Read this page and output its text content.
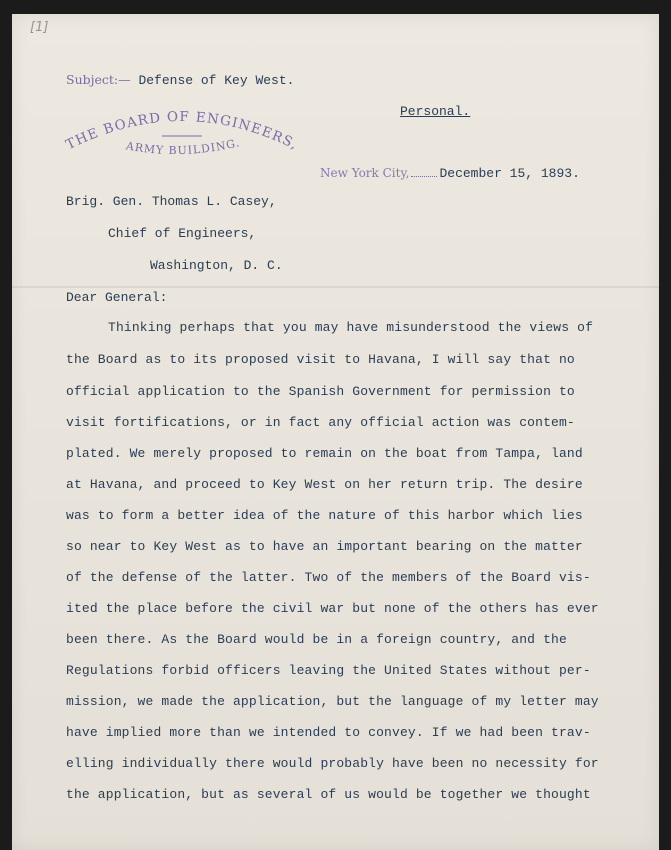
[1]
Subject:— Defense of Key West.
THE BOARD OF ENGINEERS,
ARMY BUILDING.
Personal.
New York City, December 15, 1893.
Brig. Gen. Thomas L. Casey,
Chief of Engineers,
Washington, D. C.
Dear General:
Thinking perhaps that you may have misunderstood the views of
the Board as to its proposed visit to Havana, I will say that no
official application to the Spanish Government for permission to
visit fortifications, or in fact any official action was contem-
plated. We merely proposed to remain on the boat from Tampa, land
at Havana, and proceed to Key West on her return trip. The desire
was to form a better idea of the nature of this harbor which lies
so near to Key West as to have an important bearing on the matter
of the defense of the latter. Two of the members of the Board vis-
ited the place before the civil war but none of the others has ever
been there. As the Board would be in a foreign country, and the
Regulations forbid officers leaving the United States without per-
mission, we made the application, but the language of my letter may
have implied more than we intended to convey. If we had been trav-
elling individually there would probably have been no necessity for
the application, but as several of us would be together we thought
